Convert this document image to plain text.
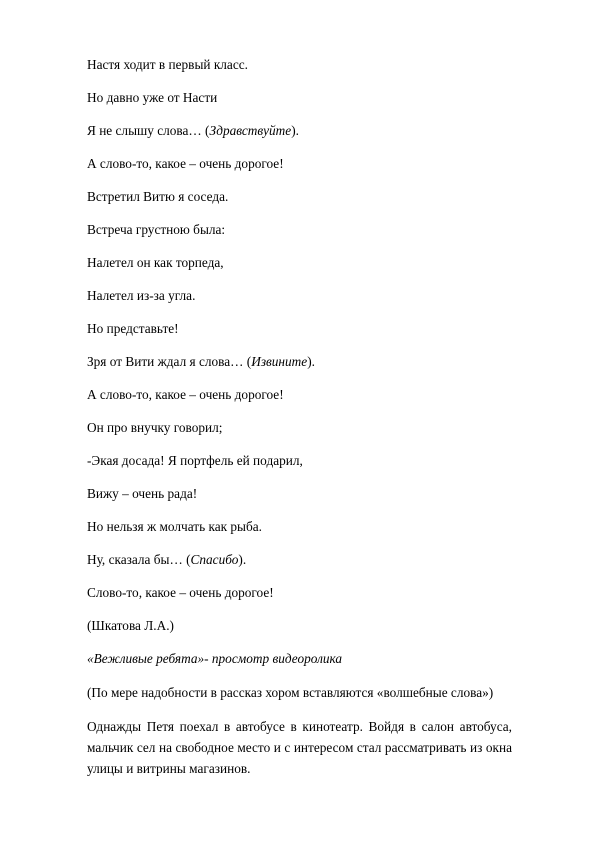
Настя ходит в первый класс.
Но давно уже от Насти
Я не слышу слова… (Здравствуйте).
А слово-то, какое – очень дорогое!
Встретил Витю я соседа.
Встреча грустною была:
Налетел он как торпеда,
Налетел из-за угла.
Но представьте!
Зря от Вити ждал я слова… (Извините).
А слово-то, какое – очень дорогое!
Он про внучку говорил;
-Экая досада! Я портфель ей подарил,
Вижу – очень рада!
Но нельзя ж молчать как рыба.
Ну, сказала бы… (Спасибо).
Слово-то, какое – очень дорогое!
(Шкатова Л.А.)
«Вежливые ребята»- просмотр видеоролика
(По мере надобности в рассказ хором вставляются «волшебные слова»)
Однажды Петя поехал в автобусе в кинотеатр. Войдя в салон автобуса, мальчик сел на свободное место и с интересом стал рассматривать из окна улицы и витрины магазинов.
